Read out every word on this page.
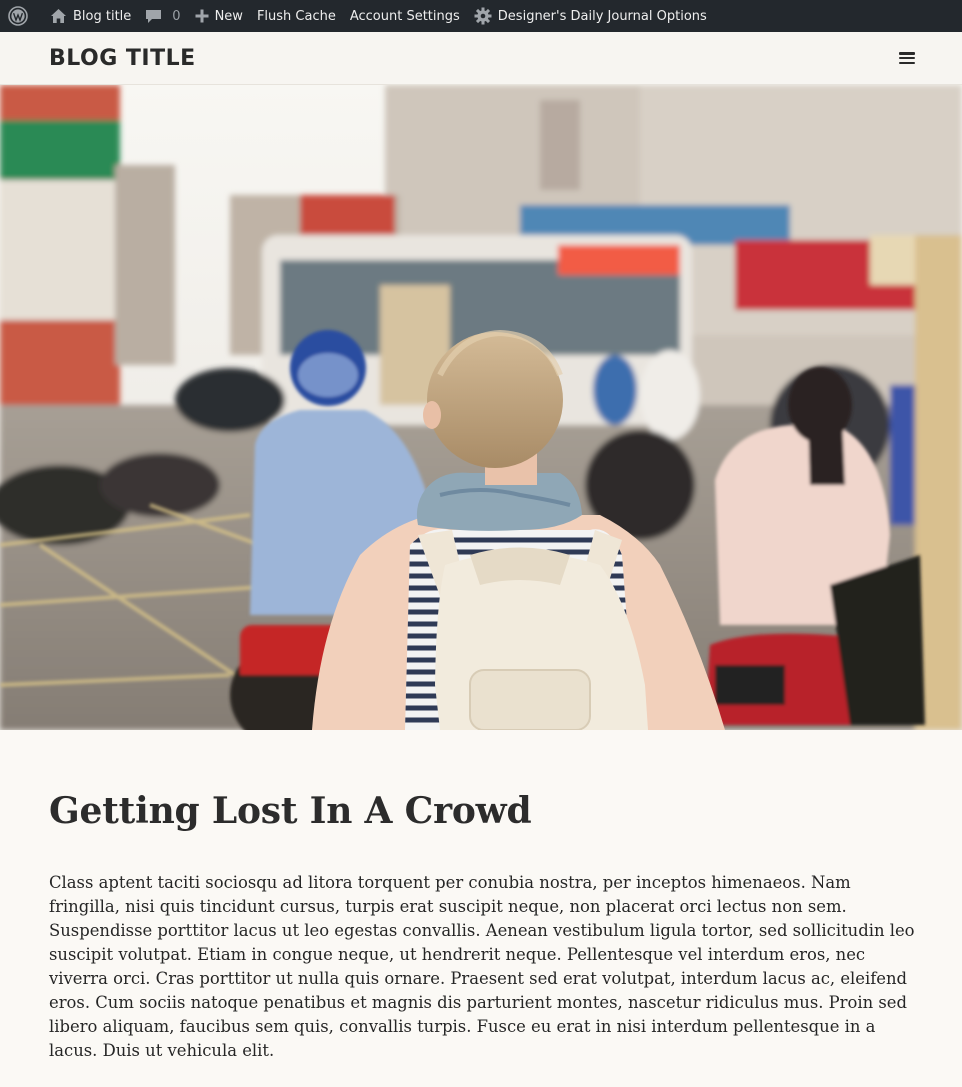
Blog title	0	New Flush Cache Account Settings	Designer's Daily Journal Options
BLOG TITLE
Getting Lost In A Crowd

Class aptent taciti sociosqu ad litora torquent per conubia nostra, per inceptos himenaeos. Nam fringilla, nisi quis tincidunt cursus, turpis erat suscipit neque, non placerat orci lectus non sem. Suspendisse porttitor lacus ut leo egestas convallis. Aenean vestibulum ligula tortor, sed sollicitudin leo suscipit volutpat. Etiam in congue neque, ut hendrerit neque. Pellentesque vel interdum eros, nec viverra orci. Cras porttitor ut nulla quis ornare. Praesent sed erat volutpat, interdum lacus ac, eleifend eros. Cum sociis natoque penatibus et magnis dis parturient montes, nascetur ridiculus mus. Proin sed libero aliquam, faucibus sem quis, convallis turpis. Fusce eu erat in nisi interdum pellentesque in a lacus. Duis ut vehicula elit.
